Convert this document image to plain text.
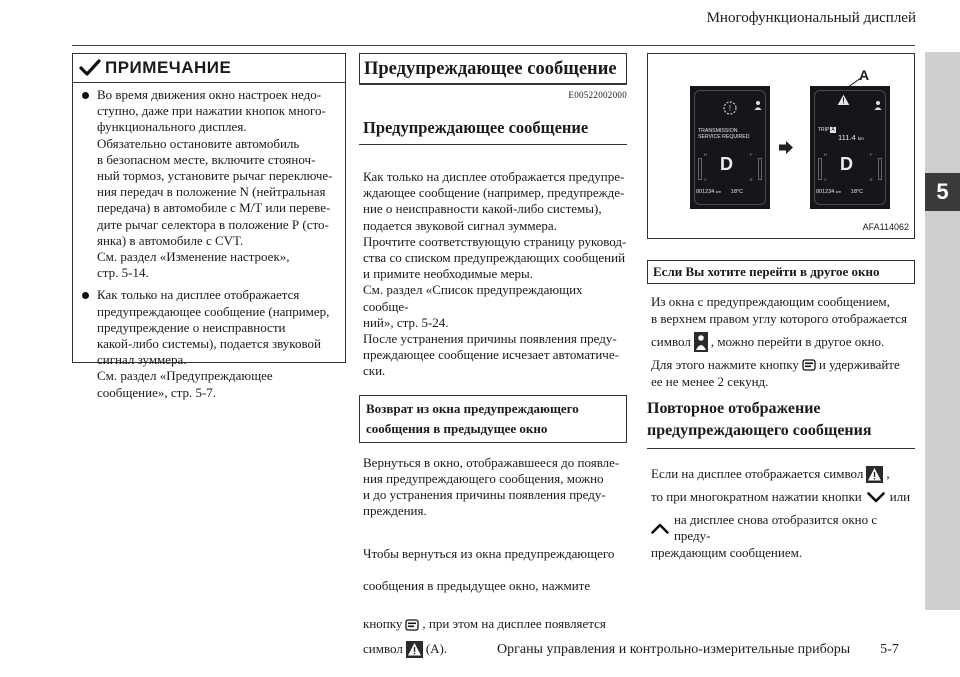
Многофункциональный дисплей
5
Органы управления и контрольно-измерительные приборы 5-7
ПРИМЕЧАНИЕ
Во время движения окно настроек недо-
ступно, даже при нажатии кнопок много-
функционального дисплея.
Обязательно остановите автомобиль
в безопасном месте, включите стояноч-
ный тормоз, установите рычаг переключе-
ния передач в положение N (нейтральная
передача) в автомобиле с М/Т или переве-
дите рычаг селектора в положение Р (сто-
янка) в автомобиле с CVT.
См. раздел «Изменение настроек»,
стр. 5-14.
Как только на дисплее отображается
предупреждающее сообщение (например,
предупреждение о неисправности
какой-либо системы), подается звуковой
сигнал зуммера.
См. раздел «Предупреждающее
сообщение», стр. 5-7.
Предупреждающее сообщение
E00522002000
Предупреждающее сообщение
Как только на дисплее отображается предупре-
ждающее сообщение (например, предупрежде-
ние о неисправности какой-либо системы),
подается звуковой сигнал зуммера.
Прочтите соответствующую страницу руковод-
ства со списком предупреждающих сообщений
и примите необходимые меры.
См. раздел «Список предупреждающих сообще-
ний», стр. 5-24.
После устранения причины появления преду-
преждающее сообщение исчезает автоматиче-
ски.
Возврат из окна предупреждающего
сообщения в предыдущее окно
Вернуться в окно, отображавшееся до появле-
ния предупреждающего сообщения, можно
и до устранения причины появления преду-
преждения.

Чтобы вернуться из окна предупреждающего

сообщения в предыдущее окно, нажмите

кнопку , при этом на дисплее появляется
символ (A).
!
TRANSMISSION
SERVICE REQUIRED
H	F
C	E
D
001234 km 18°C
A
TRIP A
111.4 km
H	F
C	E
D
001234 km 18°C
AFA114062
Если Вы хотите перейти в другое окно
Из окна с предупреждающим сообщением,
в верхнем правом углу которого отображается
символ , можно перейти в другое окно.
Для этого нажмите кнопку и удерживайте
ее не менее 2 секунд.
Повторное отображение
предупреждающего сообщения
Если на дисплее отображается символ ,
то при многократном нажатии кнопки или
на дисплее снова отобразится окно с преду-
преждающим сообщением.
